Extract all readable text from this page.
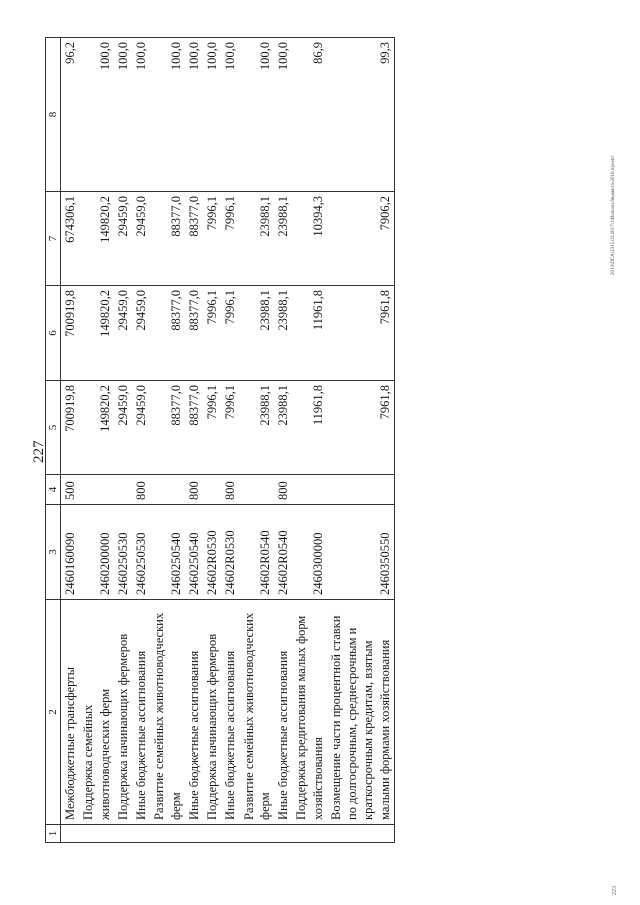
227
1	2	3	4	5	6	7	8
	Межбюджетные трансферты	2460160090	500	700919,8	700919,8	674306,1	96,2
	Поддержка семейных животноводческих ферм	2460200000		149820,2	149820,2	149820,2	100,0
	Поддержка начинающих фермеров	2460250530		29459,0	29459,0	29459,0	100,0
	Иные бюджетные ассигнования	2460250530	800	29459,0	29459,0	29459,0	100,0
	Развитие семейных животноводческих ферм	2460250540		88377,0	88377,0	88377,0	100,0
	Иные бюджетные ассигнования	2460250540	800	88377,0	88377,0	88377,0	100,0
	Поддержка начинающих фермеров	24602R0530		7996,1	7996,1	7996,1	100,0
	Иные бюджетные ассигнования	24602R0530	800	7996,1	7996,1	7996,1	100,0
	Развитие семейных животноводческих ферм	24602R0540		23988,1	23988,1	23988,1	100,0
	Иные бюджетные ассигнования	24602R0540	800	23988,1	23988,1	23988,1	100,0
	Поддержка кредитования малых форм хозяйствования	2460300000		11961,8	11961,8	10394,3	86,9
	Возмещение части процентной ставки по долгосрочным, среднесрочным и краткосрочным кредитам, взятым малыми формами хозяйствования	2460350550		7961,8	7961,8	7906,2	99,3
2013\ПСА\2315.03.2017\1\Исполн.бюджета-2016.проект
223
